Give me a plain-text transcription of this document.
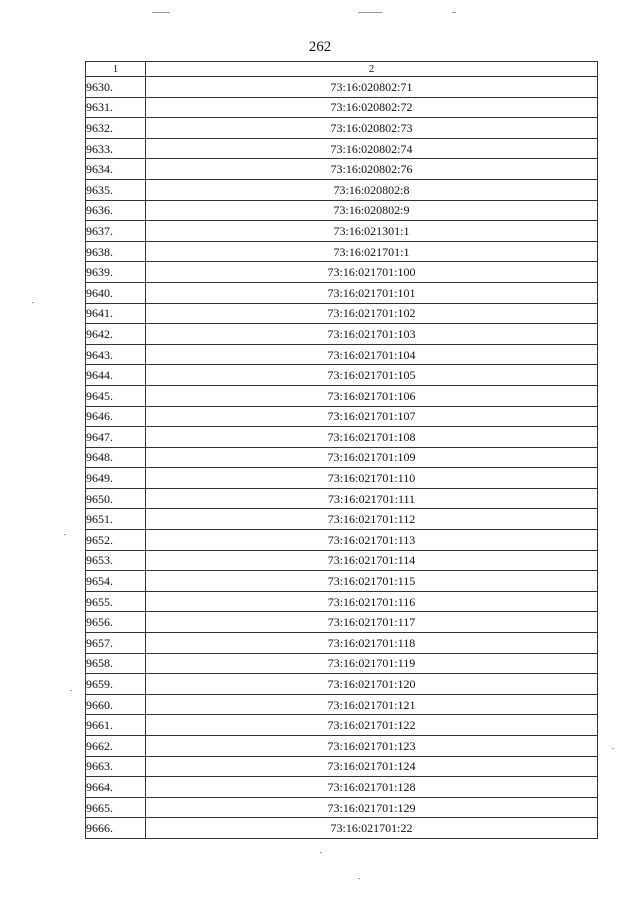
262
1	2
9630.	73:16:020802:71
9631.	73:16:020802:72
9632.	73:16:020802:73
9633.	73:16:020802:74
9634.	73:16:020802:76
9635.	73:16:020802:8
9636.	73:16:020802:9
9637.	73:16:021301:1
9638.	73:16:021701:1
9639.	73:16:021701:100
9640.	73:16:021701:101
9641.	73:16:021701:102
9642.	73:16:021701:103
9643.	73:16:021701:104
9644.	73:16:021701:105
9645.	73:16:021701:106
9646.	73:16:021701:107
9647.	73:16:021701:108
9648.	73:16:021701:109
9649.	73:16:021701:110
9650.	73:16:021701:111
9651.	73:16:021701:112
9652.	73:16:021701:113
9653.	73:16:021701:114
9654.	73:16:021701:115
9655.	73:16:021701:116
9656.	73:16:021701:117
9657.	73:16:021701:118
9658.	73:16:021701:119
9659.	73:16:021701:120
9660.	73:16:021701:121
9661.	73:16:021701:122
9662.	73:16:021701:123
9663.	73:16:021701:124
9664.	73:16:021701:128
9665.	73:16:021701:129
9666.	73:16:021701:22
